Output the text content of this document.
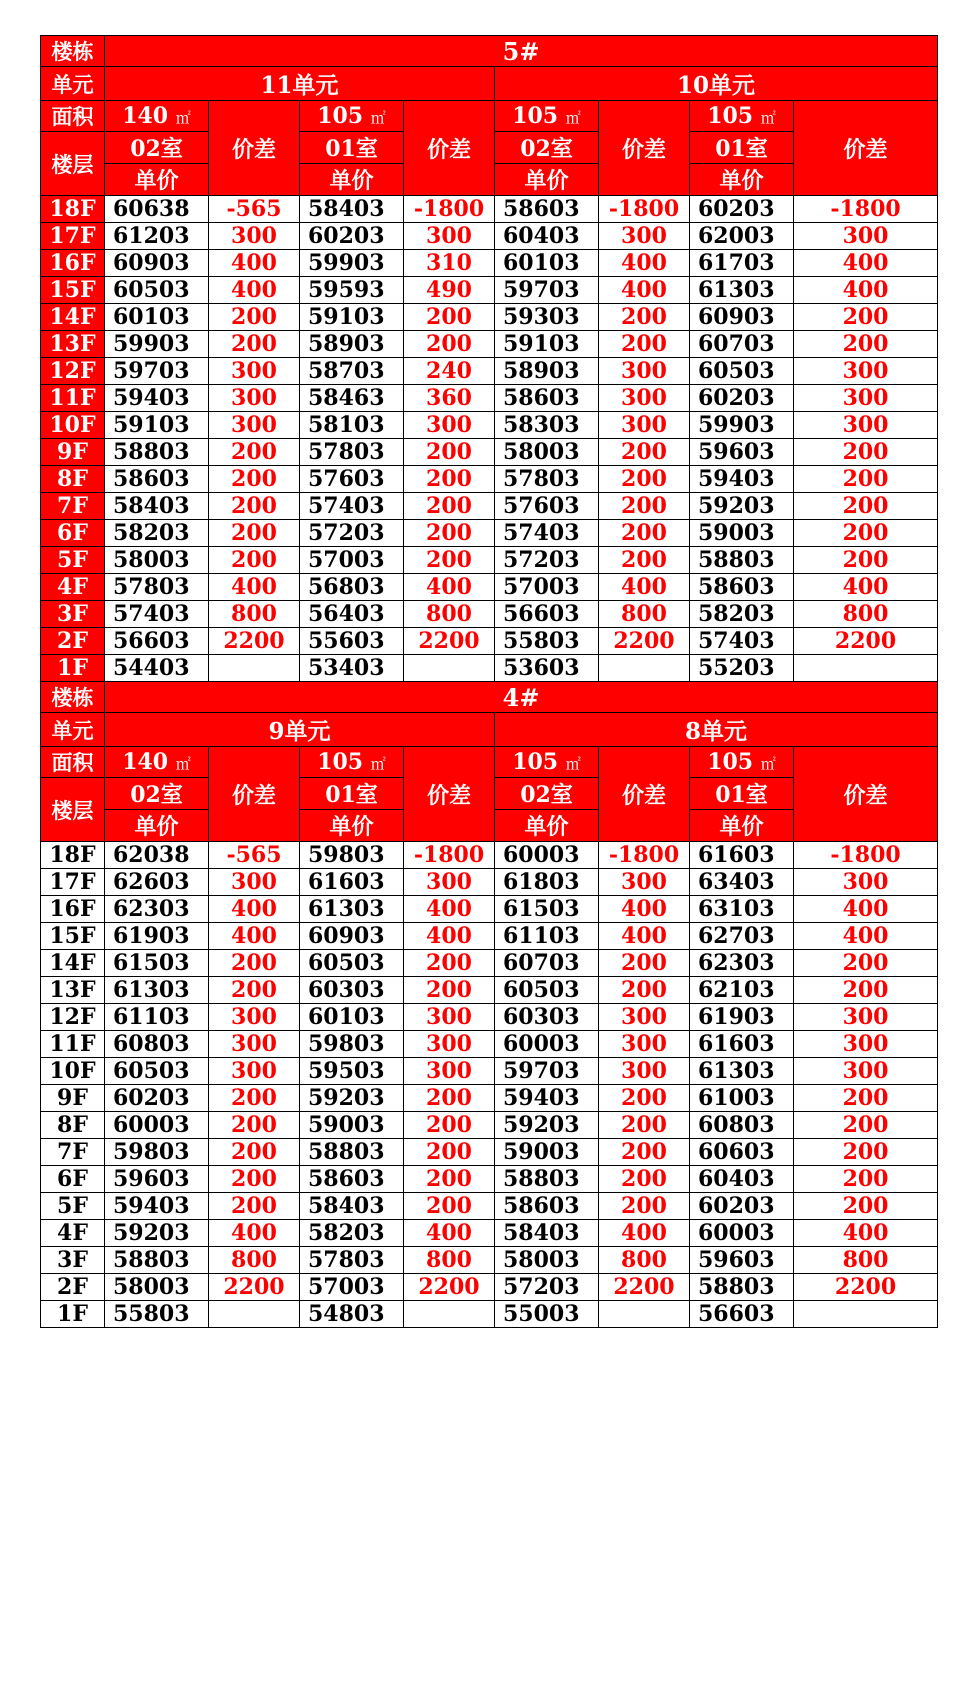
楼栋	5#							
单元	11单元				10单元			
面积	140 ㎡	价差	105 ㎡	价差	105 ㎡	价差	105 ㎡	价差
楼层	02室		01室		02室		01室	
	单价		单价		单价		单价	
18F	60638	-565	58403	-1800	58603	-1800	60203	-1800
17F	61203	300	60203	300	60403	300	62003	300
16F	60903	400	59903	310	60103	400	61703	400
15F	60503	400	59593	490	59703	400	61303	400
14F	60103	200	59103	200	59303	200	60903	200
13F	59903	200	58903	200	59103	200	60703	200
12F	59703	300	58703	240	58903	300	60503	300
11F	59403	300	58463	360	58603	300	60203	300
10F	59103	300	58103	300	58303	300	59903	300
9F	58803	200	57803	200	58003	200	59603	200
8F	58603	200	57603	200	57803	200	59403	200
7F	58403	200	57403	200	57603	200	59203	200
6F	58203	200	57203	200	57403	200	59003	200
5F	58003	200	57003	200	57203	200	58803	200
4F	57803	400	56803	400	57003	400	58603	400
3F	57403	800	56403	800	56603	800	58203	800
2F	56603	2200	55603	2200	55803	2200	57403	2200
1F	54403		53403		53603		55203	
楼栋	4#							
单元	9单元				8单元			
面积	140 ㎡	价差	105 ㎡	价差	105 ㎡	价差	105 ㎡	价差
楼层	02室		01室		02室		01室	
	单价		单价		单价		单价	
18F	62038	-565	59803	-1800	60003	-1800	61603	-1800
17F	62603	300	61603	300	61803	300	63403	300
16F	62303	400	61303	400	61503	400	63103	400
15F	61903	400	60903	400	61103	400	62703	400
14F	61503	200	60503	200	60703	200	62303	200
13F	61303	200	60303	200	60503	200	62103	200
12F	61103	300	60103	300	60303	300	61903	300
11F	60803	300	59803	300	60003	300	61603	300
10F	60503	300	59503	300	59703	300	61303	300
9F	60203	200	59203	200	59403	200	61003	200
8F	60003	200	59003	200	59203	200	60803	200
7F	59803	200	58803	200	59003	200	60603	200
6F	59603	200	58603	200	58803	200	60403	200
5F	59403	200	58403	200	58603	200	60203	200
4F	59203	400	58203	400	58403	400	60003	400
3F	58803	800	57803	800	58003	800	59603	800
2F	58003	2200	57003	2200	57203	2200	58803	2200
1F	55803		54803		55003		56603	
